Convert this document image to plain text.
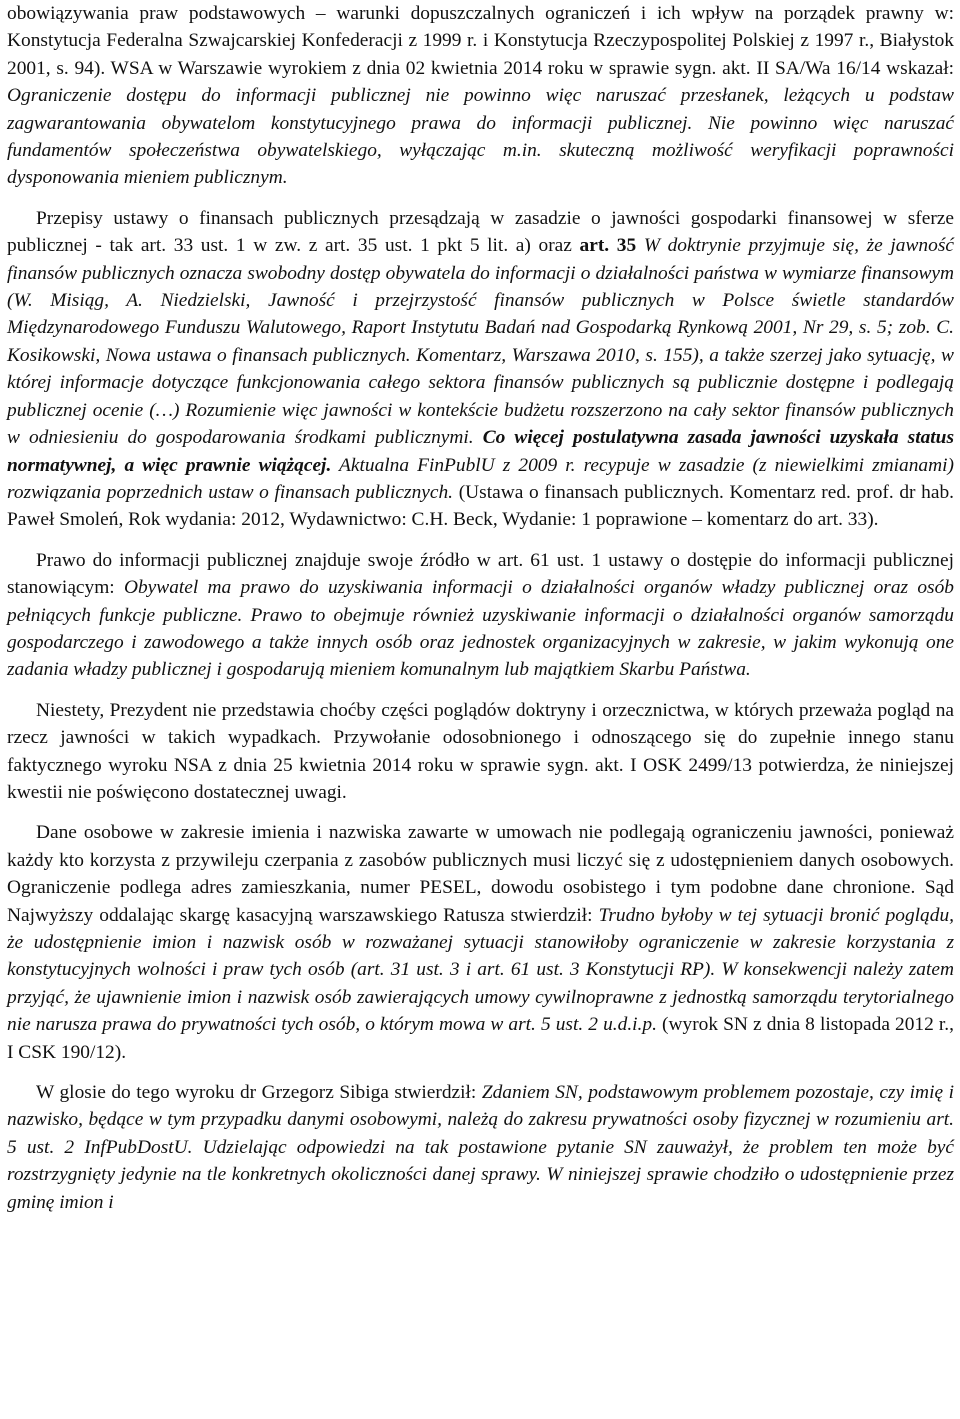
obowiązywania praw podstawowych – warunki dopuszczalnych ograniczeń i ich wpływ na porządek prawny w: Konstytucja Federalna Szwajcarskiej Konfederacji z 1999 r. i Konstytucja Rzeczypospolitej Polskiej z 1997 r., Białystok 2001, s. 94). WSA w Warszawie wyrokiem z dnia 02 kwietnia 2014 roku w sprawie sygn. akt. II SA/Wa 16/14 wskazał: Ograniczenie dostępu do informacji publicznej nie powinno więc naruszać przesłanek, leżących u podstaw zagwarantowania obywatelom konstytucyjnego prawa do informacji publicznej. Nie powinno więc naruszać fundamentów społeczeństwa obywatelskiego, wyłączając m.in. skuteczną możliwość weryfikacji poprawności dysponowania mieniem publicznym.

Przepisy ustawy o finansach publicznych przesądzają w zasadzie o jawności gospodarki finansowej w sferze publicznej - tak art. 33 ust. 1 w zw. z art. 35 ust. 1 pkt 5 lit. a) oraz art. 35 W doktrynie przyjmuje się, że jawność finansów publicznych oznacza swobodny dostęp obywatela do informacji o działalności państwa w wymiarze finansowym (W. Misiąg, A. Niedzielski, Jawność i przejrzystość finansów publicznych w Polsce świetle standardów Międzynarodowego Funduszu Walutowego, Raport Instytutu Badań nad Gospodarką Rynkową 2001, Nr 29, s. 5; zob. C. Kosikowski, Nowa ustawa o finansach publicznych. Komentarz, Warszawa 2010, s. 155), a także szerzej jako sytuację, w której informacje dotyczące funkcjonowania całego sektora finansów publicznych są publicznie dostępne i podlegają publicznej ocenie (…) Rozumienie więc jawności w kontekście budżetu rozszerzono na cały sektor finansów publicznych w odniesieniu do gospodarowania środkami publicznymi. Co więcej postulatywna zasada jawności uzyskała status normatywnej, a więc prawnie wiążącej. Aktualna FinPublU z 2009 r. recypuje w zasadzie (z niewielkimi zmianami) rozwiązania poprzednich ustaw o finansach publicznych. (Ustawa o finansach publicznych. Komentarz red. prof. dr hab. Paweł Smoleń, Rok wydania: 2012, Wydawnictwo: C.H. Beck, Wydanie: 1 poprawione – komentarz do art. 33).

Prawo do informacji publicznej znajduje swoje źródło w art. 61 ust. 1 ustawy o dostępie do informacji publicznej stanowiącym: Obywatel ma prawo do uzyskiwania informacji o działalności organów władzy publicznej oraz osób pełniących funkcje publiczne. Prawo to obejmuje również uzyskiwanie informacji o działalności organów samorządu gospodarczego i zawodowego a także innych osób oraz jednostek organizacyjnych w zakresie, w jakim wykonują one zadania władzy publicznej i gospodarują mieniem komunalnym lub majątkiem Skarbu Państwa.

Niestety, Prezydent nie przedstawia choćby części poglądów doktryny i orzecznictwa, w których przeważa pogląd na rzecz jawności w takich wypadkach. Przywołanie odosobnionego i odnoszącego się do zupełnie innego stanu faktycznego wyroku NSA z dnia 25 kwietnia 2014 roku w sprawie sygn. akt. I OSK 2499/13 potwierdza, że niniejszej kwestii nie poświęcono dostatecznej uwagi.

Dane osobowe w zakresie imienia i nazwiska zawarte w umowach nie podlegają ograniczeniu jawności, ponieważ każdy kto korzysta z przywileju czerpania z zasobów publicznych musi liczyć się z udostępnieniem danych osobowych. Ograniczenie podlega adres zamieszkania, numer PESEL, dowodu osobistego i tym podobne dane chronione. Sąd Najwyższy oddalając skargę kasacyjną warszawskiego Ratusza stwierdził: Trudno byłoby w tej sytuacji bronić poglądu, że udostępnienie imion i nazwisk osób w rozważanej sytuacji stanowiłoby ograniczenie w zakresie korzystania z konstytucyjnych wolności i praw tych osób (art. 31 ust. 3 i art. 61 ust. 3 Konstytucji RP). W konsekwencji należy zatem przyjąć, że ujawnienie imion i nazwisk osób zawierających umowy cywilnoprawne z jednostką samorządu terytorialnego nie narusza prawa do prywatności tych osób, o którym mowa w art. 5 ust. 2 u.d.i.p. (wyrok SN z dnia 8 listopada 2012 r., I CSK 190/12).

W glosie do tego wyroku dr Grzegorz Sibiga stwierdził: Zdaniem SN, podstawowym problemem pozostaje, czy imię i nazwisko, będące w tym przypadku danymi osobowymi, należą do zakresu prywatności osoby fizycznej w rozumieniu art. 5 ust. 2 InfPubDostU. Udzielając odpowiedzi na tak postawione pytanie SN zauważył, że problem ten może być rozstrzygnięty jedynie na tle konkretnych okoliczności danej sprawy. W niniejszej sprawie chodziło o udostępnienie przez gminę imion i
